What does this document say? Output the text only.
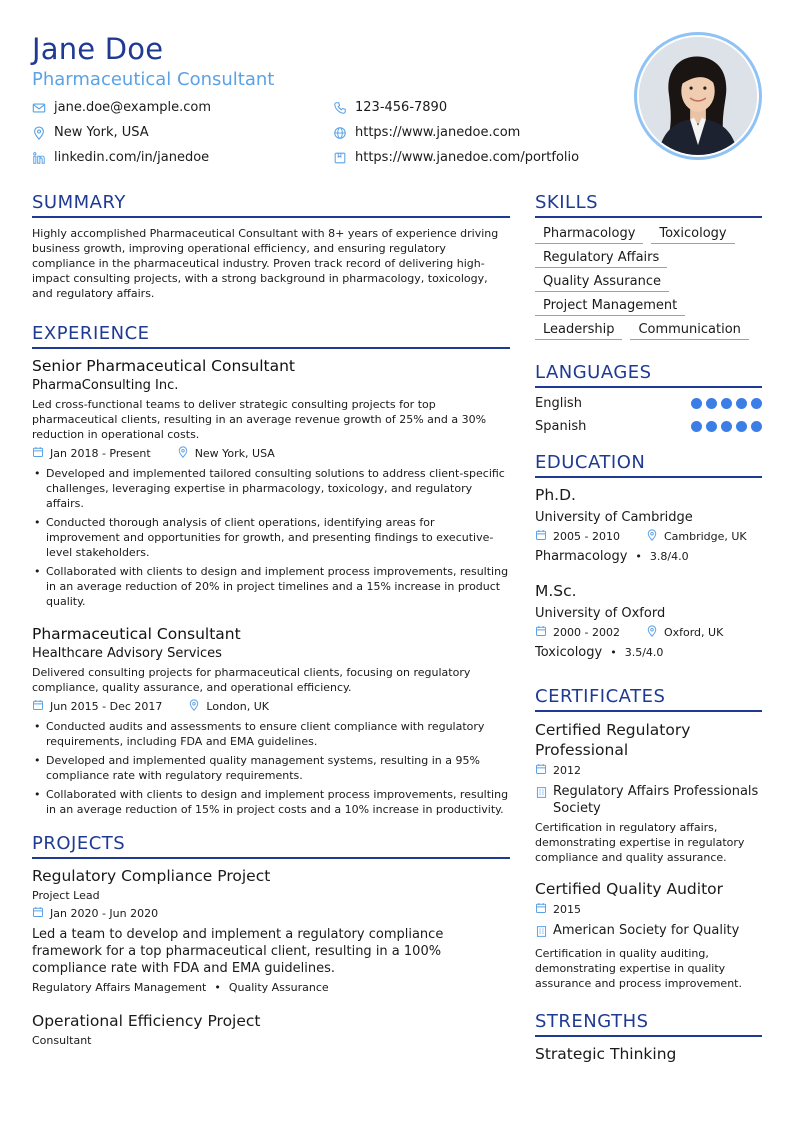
Jane Doe
Pharmaceutical Consultant
jane.doe@example.com	123-456-7890
New York, USA	https://www.janedoe.com
linkedin.com/in/janedoe	https://www.janedoe.com/portfolio
SUMMARY

Highly accomplished Pharmaceutical Consultant with 8+ years of experience driving business growth, improving operational efficiency, and ensuring regulatory compliance in the pharmaceutical industry. Proven track record of delivering high-impact consulting projects, with a strong background in pharmacology, toxicology, and regulatory affairs.

EXPERIENCE
Senior Pharmaceutical Consultant
PharmaConsulting Inc.
Led cross-functional teams to deliver strategic consulting projects for top pharmaceutical clients, resulting in an average revenue growth of 25% and a 30% reduction in operational costs.
Jan 2018 - Present	New York, USA
• Developed and implemented tailored consulting solutions to address client-specific challenges, leveraging expertise in pharmacology, toxicology, and regulatory affairs.
• Conducted thorough analysis of client operations, identifying areas for improvement and opportunities for growth, and presenting findings to executive-level stakeholders.
• Collaborated with clients to design and implement process improvements, resulting in an average reduction of 20% in project timelines and a 15% increase in product quality.
Pharmaceutical Consultant
Healthcare Advisory Services
Delivered consulting projects for pharmaceutical clients, focusing on regulatory compliance, quality assurance, and operational efficiency.
Jun 2015 - Dec 2017	London, UK
• Conducted audits and assessments to ensure client compliance with regulatory requirements, including FDA and EMA guidelines.
• Developed and implemented quality management systems, resulting in a 95% compliance rate with regulatory requirements.
• Collaborated with clients to design and implement process improvements, resulting in an average reduction of 15% in project costs and a 10% increase in productivity.
PROJECTS
Regulatory Compliance Project
Project Lead
Jan 2020 - Jun 2020
Led a team to develop and implement a regulatory compliance framework for a top pharmaceutical client, resulting in a 100% compliance rate with FDA and EMA guidelines.
Regulatory Affairs Management • Quality Assurance
Operational Efficiency Project
Consultant
SKILLS
Pharmacology	Toxicology
Regulatory Affairs
Quality Assurance
Project Management
Leadership	Communication
LANGUAGES
English
Spanish
EDUCATION
Ph.D.
University of Cambridge
2005 - 2010	Cambridge, UK
Pharmacology • 3.8/4.0
M.Sc.
University of Oxford
2000 - 2002	Oxford, UK
Toxicology • 3.5/4.0
CERTIFICATES
Certified Regulatory Professional
2012
Regulatory Affairs Professionals Society
Certification in regulatory affairs, demonstrating expertise in regulatory compliance and quality assurance.
Certified Quality Auditor
2015
American Society for Quality
Certification in quality auditing, demonstrating expertise in quality assurance and process improvement.
STRENGTHS
Strategic Thinking
